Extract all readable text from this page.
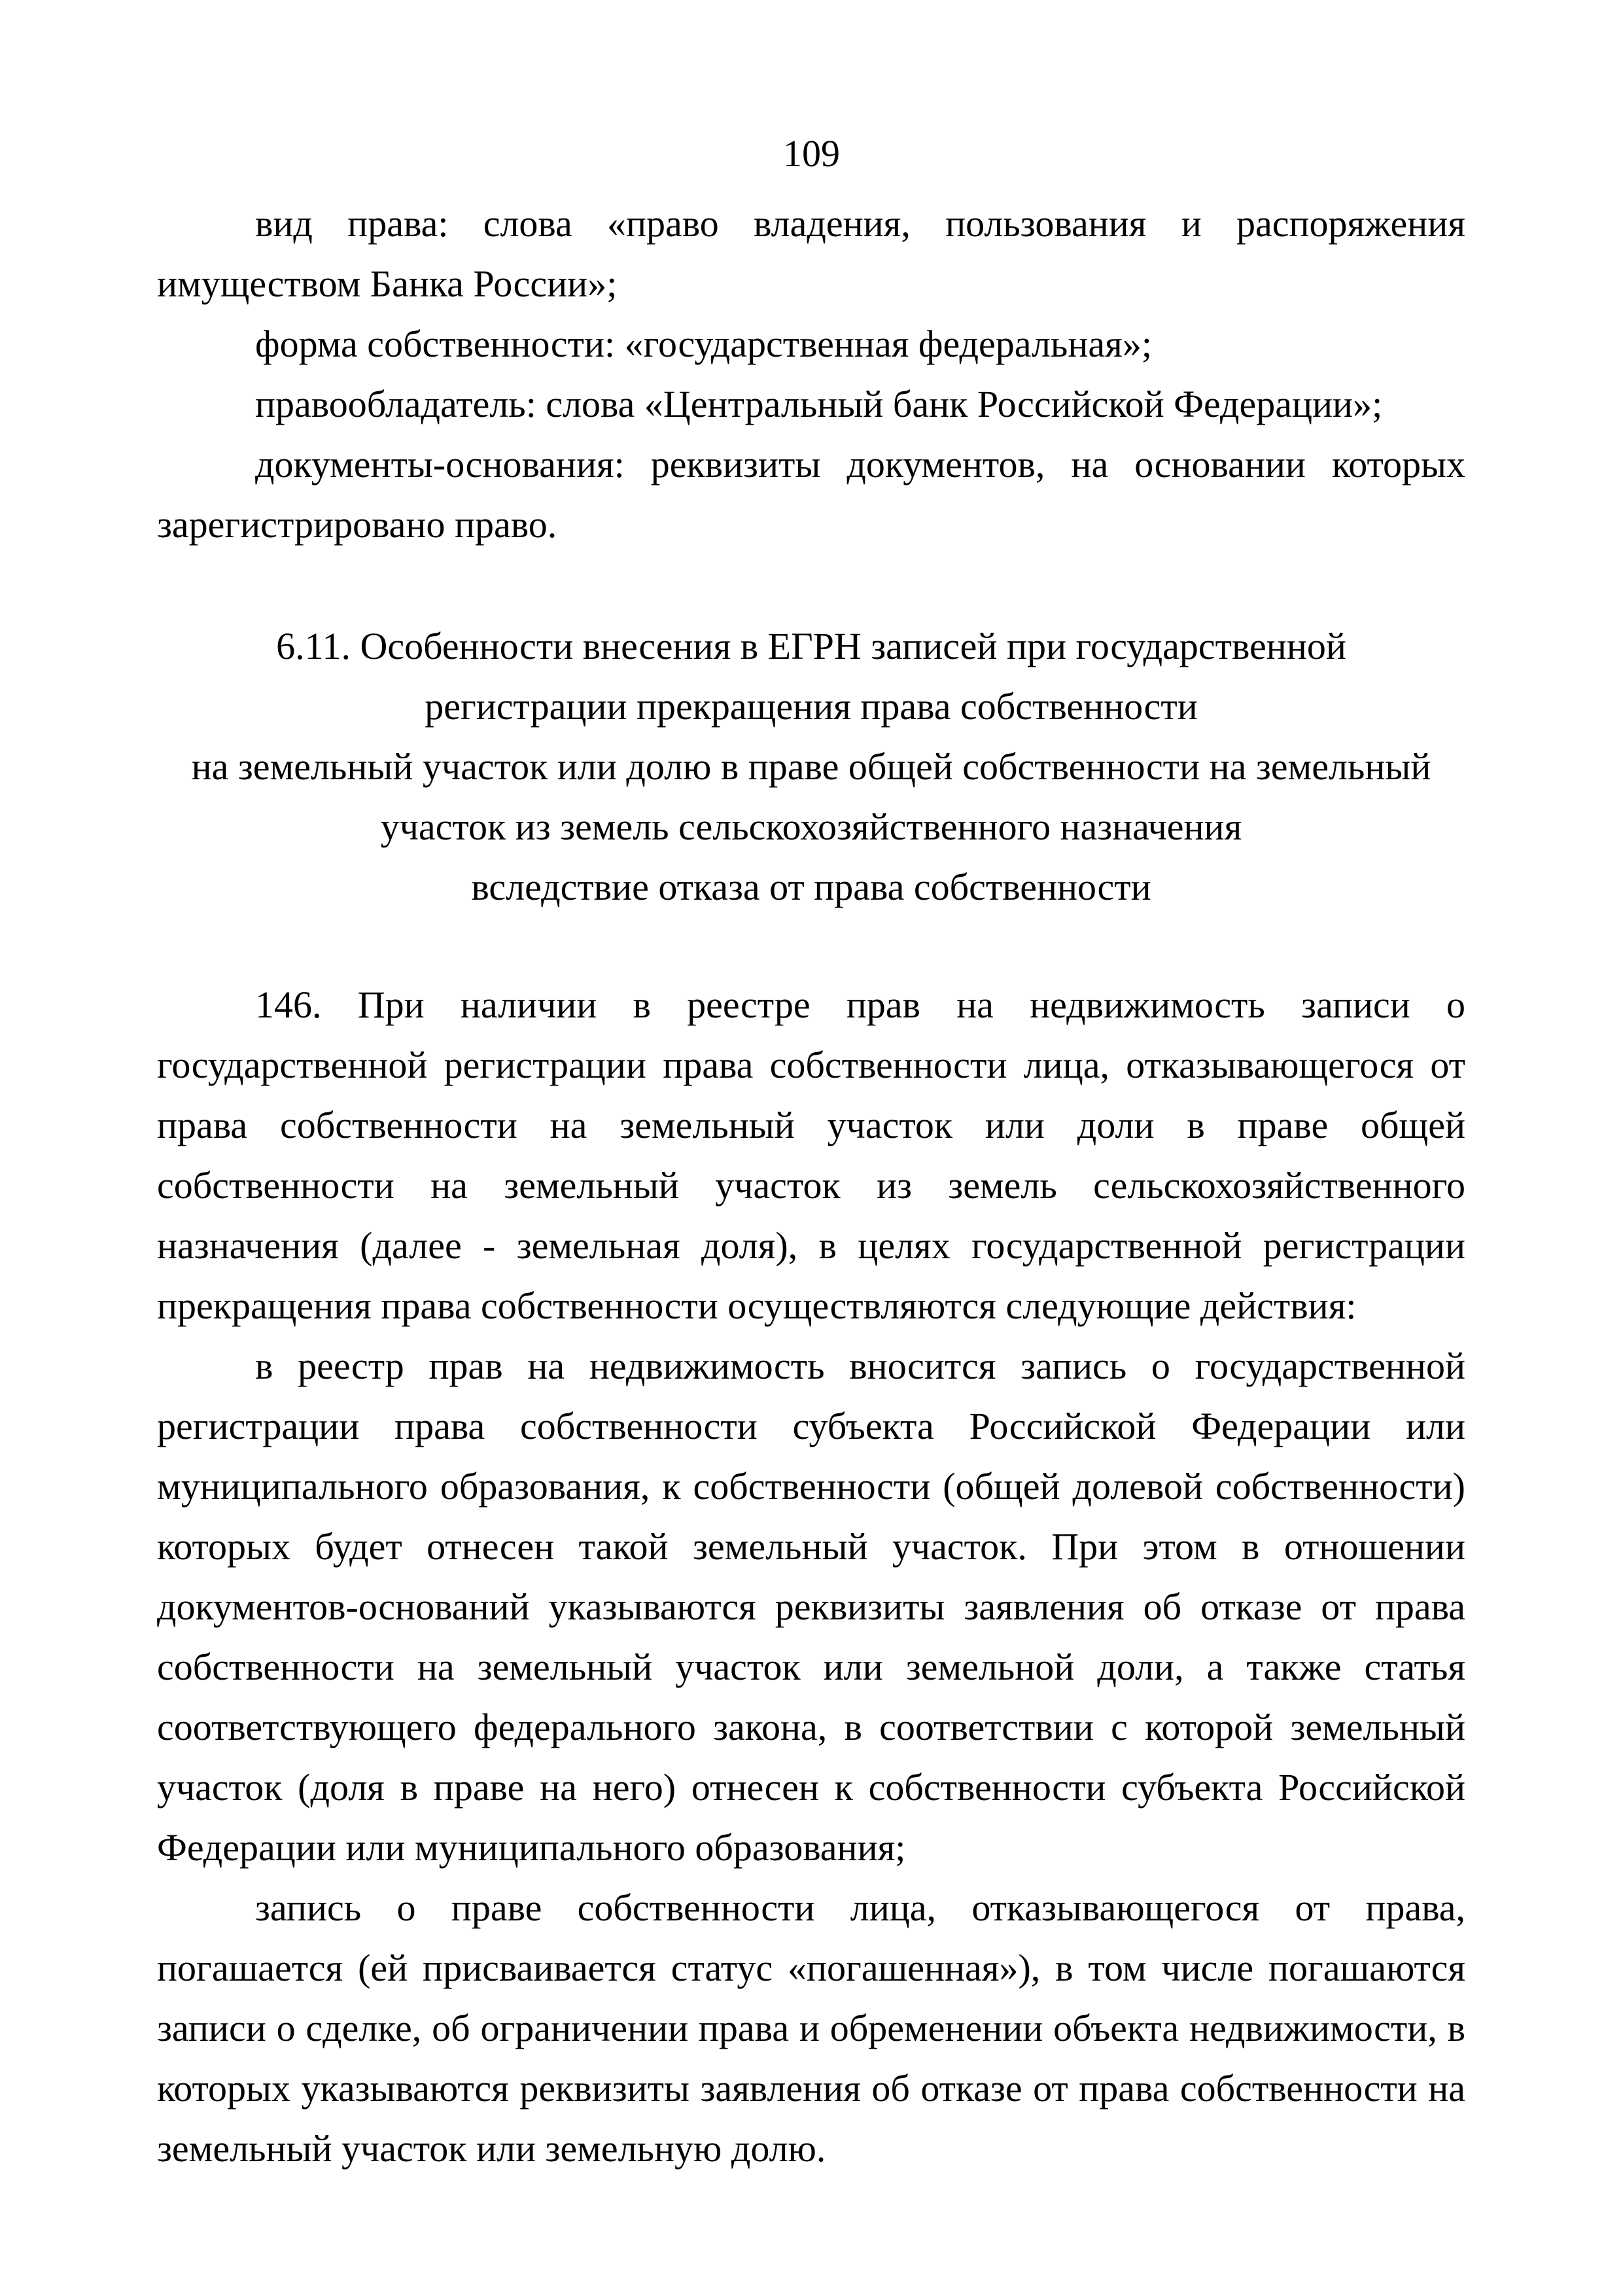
109

вид права: слова «право владения, пользования и распоряжения имуществом Банка России»;

форма собственности: «государственная федеральная»;

правообладатель: слова «Центральный банк Российской Федерации»;

документы-основания: реквизиты документов, на основании которых зарегистрировано право.

6.11. Особенности внесения в ЕГРН записей при государственной
регистрации прекращения права собственности
на земельный участок или долю в праве общей собственности на земельный
участок из земель сельскохозяйственного назначения
вследствие отказа от права собственности

146. При наличии в реестре прав на недвижимость записи о государственной регистрации права собственности лица, отказывающегося от права собственности на земельный участок или доли в праве общей собственности на земельный участок из земель сельскохозяйственного назначения (далее - земельная доля), в целях государственной регистрации прекращения права собственности осуществляются следующие действия:

в реестр прав на недвижимость вносится запись о государственной регистрации права собственности субъекта Российской Федерации или муниципального образования, к собственности (общей долевой собственности) которых будет отнесен такой земельный участок. При этом в отношении документов-оснований указываются реквизиты заявления об отказе от права собственности на земельный участок или земельной доли, а также статья соответствующего федерального закона, в соответствии с которой земельный участок (доля в праве на него) отнесен к собственности субъекта Российской Федерации или муниципального образования;

запись о праве собственности лица, отказывающегося от права, погашается (ей присваивается статус «погашенная»), в том числе погашаются записи о сделке, об ограничении права и обременении объекта недвижимости, в которых указываются реквизиты заявления об отказе от права собственности на земельный участок или земельную долю.
